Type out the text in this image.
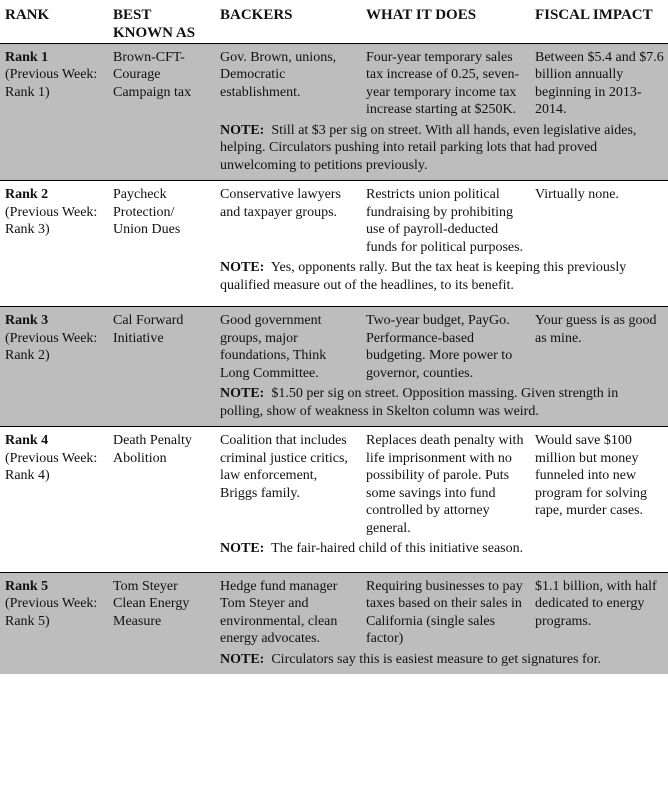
RANK	BEST KNOWN AS	BACKERS	WHAT IT DOES	FISCAL IMPACT
Rank 1
(Previous Week: Rank 1)	Brown-CFT-Courage Campaign tax	Gov. Brown, unions, Democratic establishment.	Four-year temporary sales tax increase of 0.25, seven-year temporary income tax increase starting at $250K.	Between $5.4 and $7.6 billion annually beginning in 2013-2014.
		NOTE: Still at $3 per sig on street. With all hands, even legislative aides, helping. Circulators pushing into retail parking lots that had proved unwelcoming to petitions previously.		

Rank 2
(Previous Week: Rank 3)	Paycheck Protection/ Union Dues	Conservative lawyers and taxpayer groups.	Restricts union political fundraising by prohibiting use of payroll-deducted funds for political purposes.	Virtually none.
		NOTE: Yes, opponents rally. But the tax heat is keeping this previously qualified measure out of the headlines, to its benefit.		

Rank 3
(Previous Week: Rank 2)	Cal Forward Initiative	Good government groups, major foundations, Think Long Committee.	Two-year budget, PayGo. Performance-based budgeting. More power to governor, counties.	Your guess is as good as mine.
		NOTE: $1.50 per sig on street. Opposition massing. Given strength in polling, show of weakness in Skelton column was weird.		

Rank 4
(Previous Week: Rank 4)	Death Penalty Abolition	Coalition that includes criminal justice critics, law enforcement, Briggs family.	Replaces death penalty with life imprisonment with no possibility of parole. Puts some savings into fund controlled by attorney general.	Would save $100 million but money funneled into new program for solving rape, murder cases.
		NOTE: The fair-haired child of this initiative season.		

Rank 5
(Previous Week: Rank 5)	Tom Steyer Clean Energy Measure	Hedge fund manager Tom Steyer and environmental, clean energy advocates.	Requiring businesses to pay taxes based on their sales in California (single sales factor)	$1.1 billion, with half dedicated to energy programs.
		NOTE: Circulators say this is easiest measure to get signatures for.		
